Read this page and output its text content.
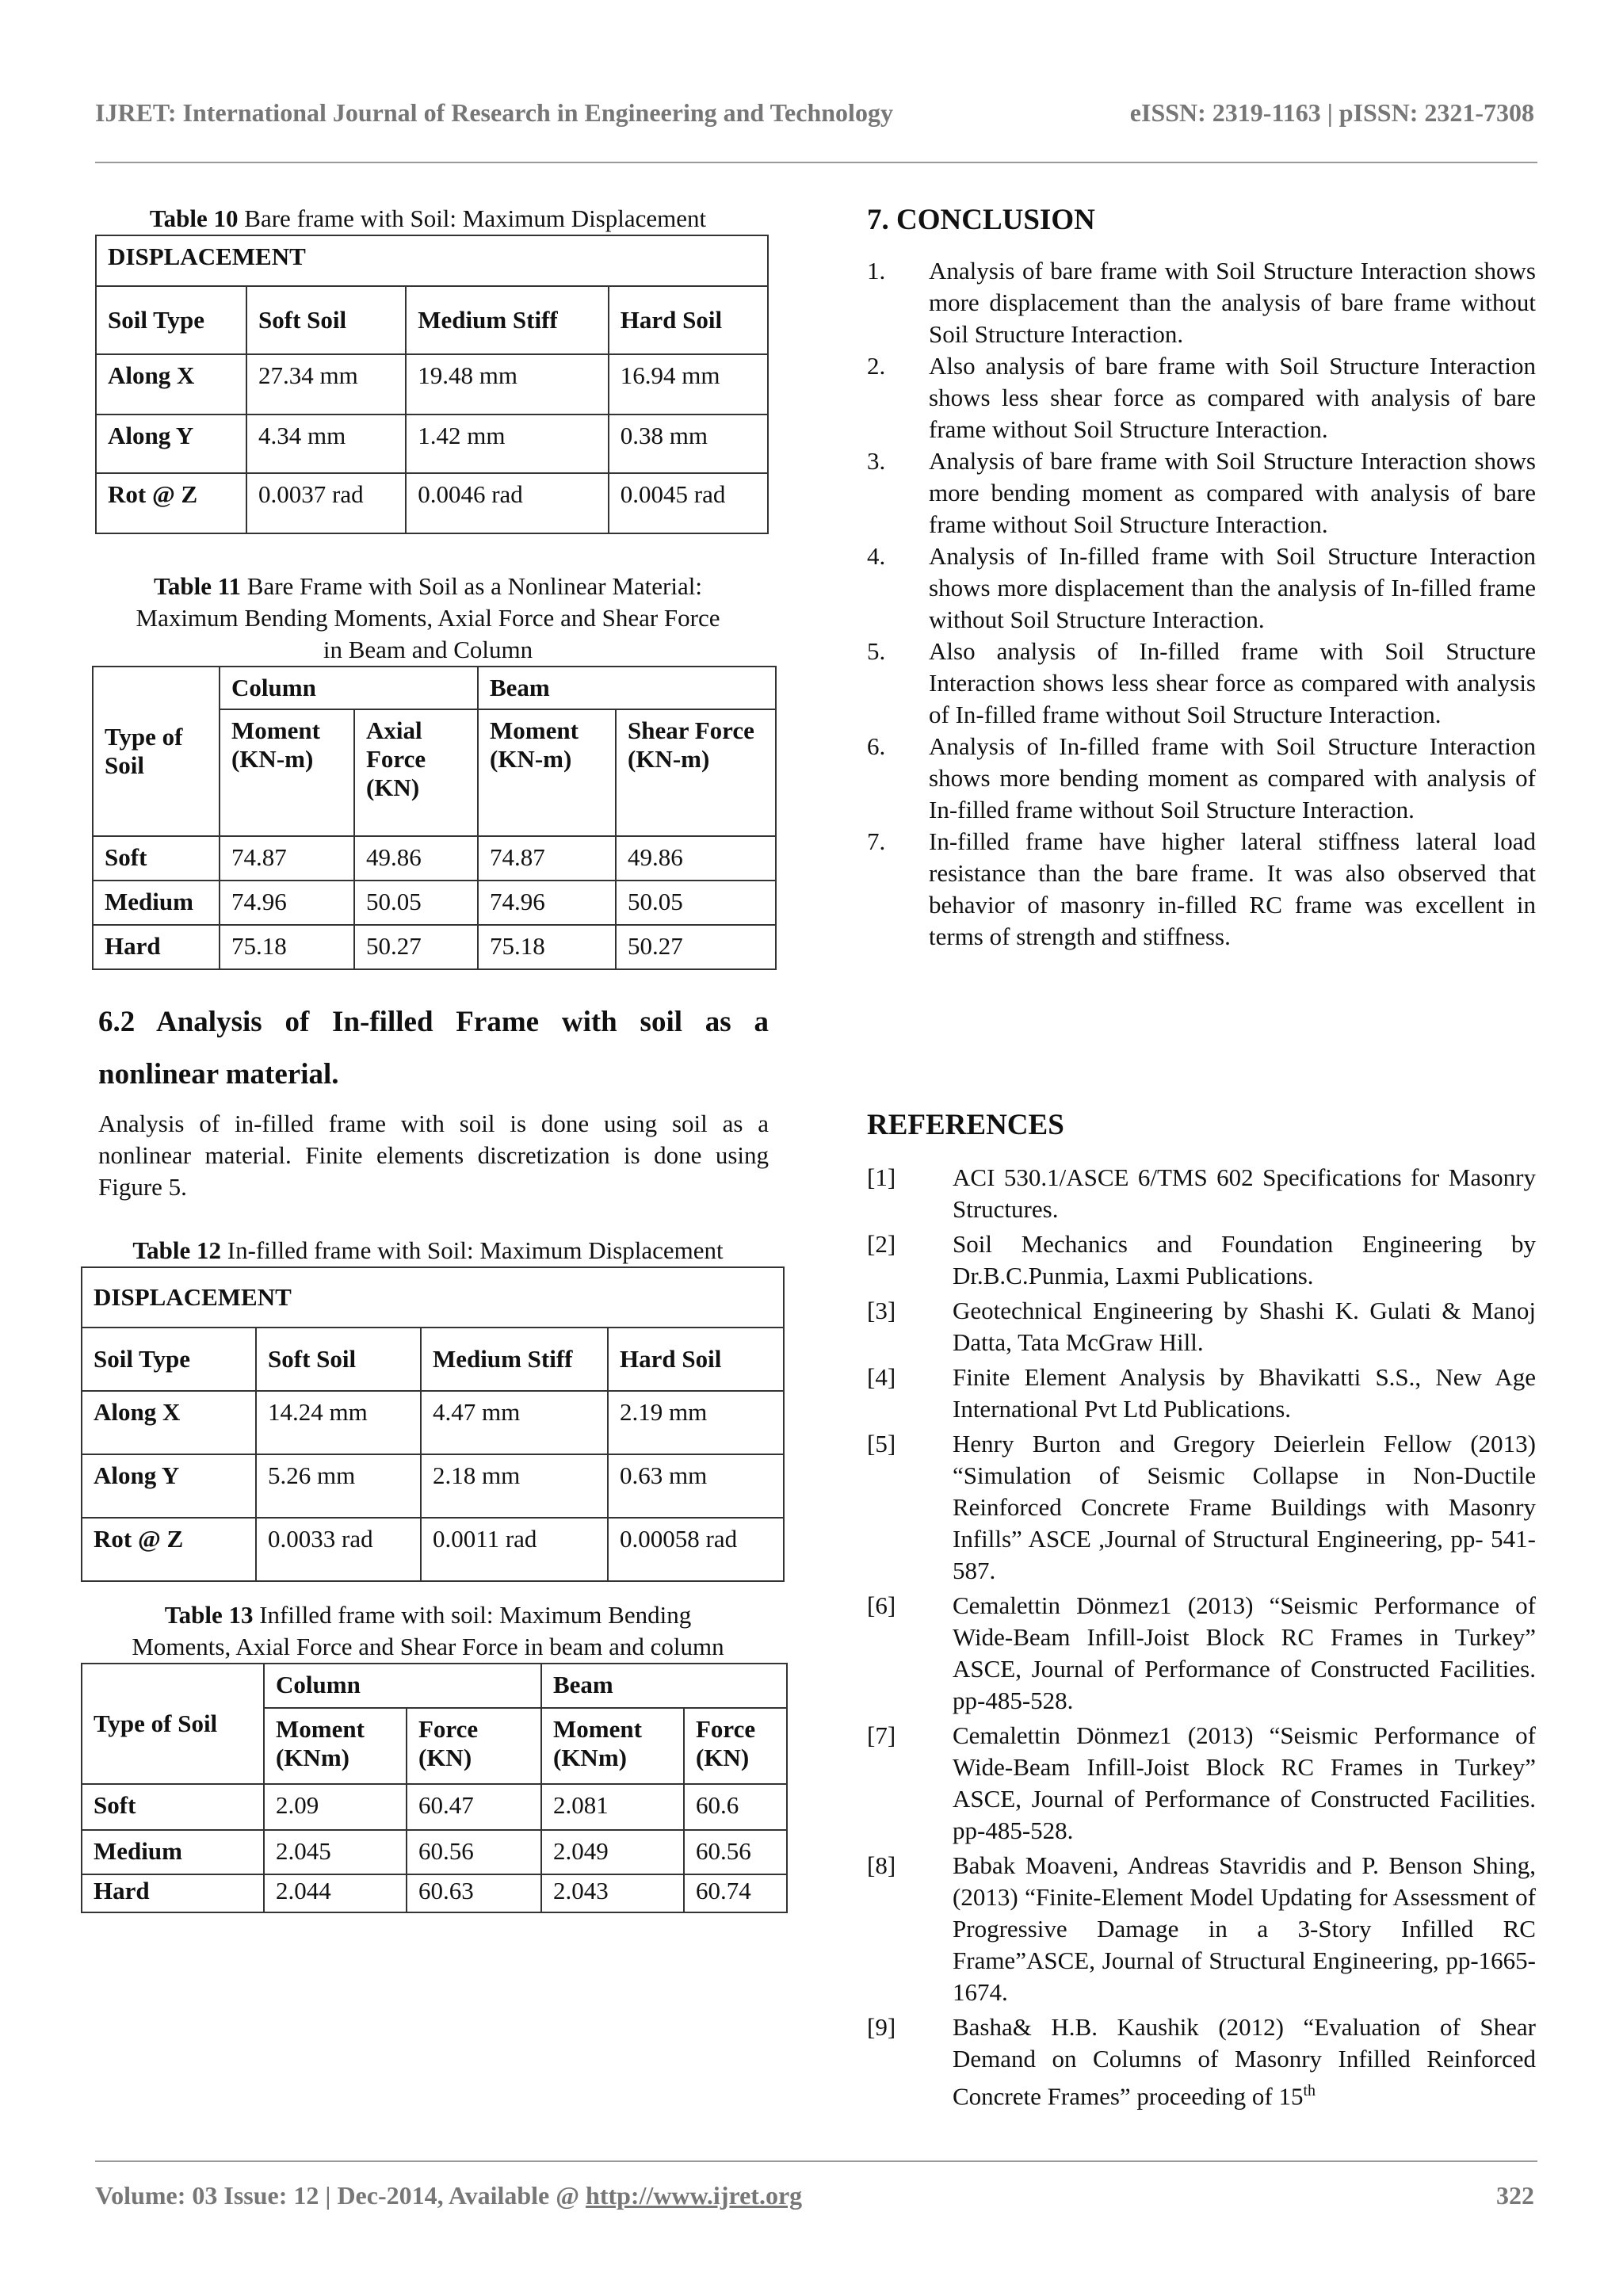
IJRET: International Journal of Research in Engineering and Technology	eISSN: 2319-1163 | pISSN: 2321-7308
Table 10 Bare frame with Soil: Maximum Displacement
DISPLACEMENT			
Soil Type	Soft Soil	Medium Stiff	Hard Soil
Along X	27.34 mm	19.48 mm	16.94 mm
Along Y	4.34 mm	1.42 mm	0.38 mm
Rot @ Z	0.0037 rad	0.0046 rad	0.0045 rad
Table 11 Bare Frame with Soil as a Nonlinear Material:
Maximum Bending Moments, Axial Force and Shear Force
in Beam and Column
Type of Soil	Column		Beam	
	Moment (KN-m)	Axial Force (KN)	Moment (KN-m)	Shear Force (KN-m)
Soft	74.87	49.86	74.87	49.86
Medium	74.96	50.05	74.96	50.05
Hard	75.18	50.27	75.18	50.27
6.2 Analysis of In-filled Frame with soil as a
nonlinear material.
Analysis of in-filled frame with soil is done using soil as a nonlinear material. Finite elements discretization is done using Figure 5.
Table 12 In-filled frame with Soil: Maximum Displacement
DISPLACEMENT			
Soil Type	Soft Soil	Medium Stiff	Hard Soil
Along X	14.24 mm	4.47 mm	2.19 mm
Along Y	5.26 mm	2.18 mm	0.63 mm
Rot @ Z	0.0033 rad	0.0011 rad	0.00058 rad
Table 13 Infilled frame with soil: Maximum Bending
Moments, Axial Force and Shear Force in beam and column
Type of Soil	Column		Beam	
	Moment (KNm)	Force (KN)	Moment (KNm)	Force (KN)
Soft	2.09	60.47	2.081	60.6
Medium	2.045	60.56	2.049	60.56
Hard	2.044	60.63	2.043	60.74
7. CONCLUSION
1. Analysis of bare frame with Soil Structure Interaction shows more displacement than the analysis of bare frame without Soil Structure Interaction.
2. Also analysis of bare frame with Soil Structure Interaction shows less shear force as compared with analysis of bare frame without Soil Structure Interaction.
3. Analysis of bare frame with Soil Structure Interaction shows more bending moment as compared with analysis of bare frame without Soil Structure Interaction.
4. Analysis of In-filled frame with Soil Structure Interaction shows more displacement than the analysis of In-filled frame without Soil Structure Interaction.
5. Also analysis of In-filled frame with Soil Structure Interaction shows less shear force as compared with analysis of In-filled frame without Soil Structure Interaction.
6. Analysis of In-filled frame with Soil Structure Interaction shows more bending moment as compared with analysis of In-filled frame without Soil Structure Interaction.
7. In-filled frame have higher lateral stiffness lateral load resistance than the bare frame. It was also observed that behavior of masonry in-filled RC frame was excellent in terms of strength and stiffness.
REFERENCES
[1] ACI 530.1/ASCE 6/TMS 602 Specifications for Masonry Structures.
[2] Soil Mechanics and Foundation Engineering by Dr.B.C.Punmia, Laxmi Publications.
[3] Geotechnical Engineering by Shashi K. Gulati & Manoj Datta, Tata McGraw Hill.
[4] Finite Element Analysis by Bhavikatti S.S., New Age International Pvt Ltd Publications.
[5] Henry Burton and Gregory Deierlein Fellow (2013) “Simulation of Seismic Collapse in Non-Ductile Reinforced Concrete Frame Buildings with Masonry Infills” ASCE ,Journal of Structural Engineering, pp- 541-587.
[6] Cemalettin Dönmez1 (2013) “Seismic Performance of Wide-Beam Infill-Joist Block RC Frames in Turkey” ASCE, Journal of Performance of Constructed Facilities. pp-485-528.
[7] Cemalettin Dönmez1 (2013) “Seismic Performance of Wide-Beam Infill-Joist Block RC Frames in Turkey” ASCE, Journal of Performance of Constructed Facilities. pp-485-528.
[8] Babak Moaveni, Andreas Stavridis and P. Benson Shing, (2013) “Finite-Element Model Updating for Assessment of Progressive Damage in a 3-Story Infilled RC Frame”ASCE, Journal of Structural Engineering, pp-1665-1674.
[9] Basha& H.B. Kaushik (2012) “Evaluation of Shear Demand on Columns of Masonry Infilled Reinforced Concrete Frames” proceeding of 15th
Volume: 03 Issue: 12 | Dec-2014, Available @ http://www.ijret.org	322
